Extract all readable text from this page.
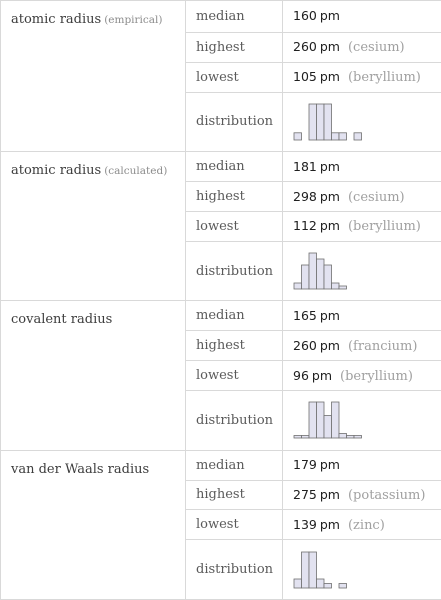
atomic radius (empirical)	median	160 pm
	highest	260 pm (cesium)
	lowest	105 pm (beryllium)
	distribution	

atomic radius (calculated)	median	181 pm
	highest	298 pm (cesium)
	lowest	112 pm (beryllium)
	distribution	

covalent radius	median	165 pm
	highest	260 pm (francium)
	lowest	96 pm (beryllium)
	distribution	

van der Waals radius	median	179 pm
	highest	275 pm (potassium)
	lowest	139 pm (zinc)
	distribution	
